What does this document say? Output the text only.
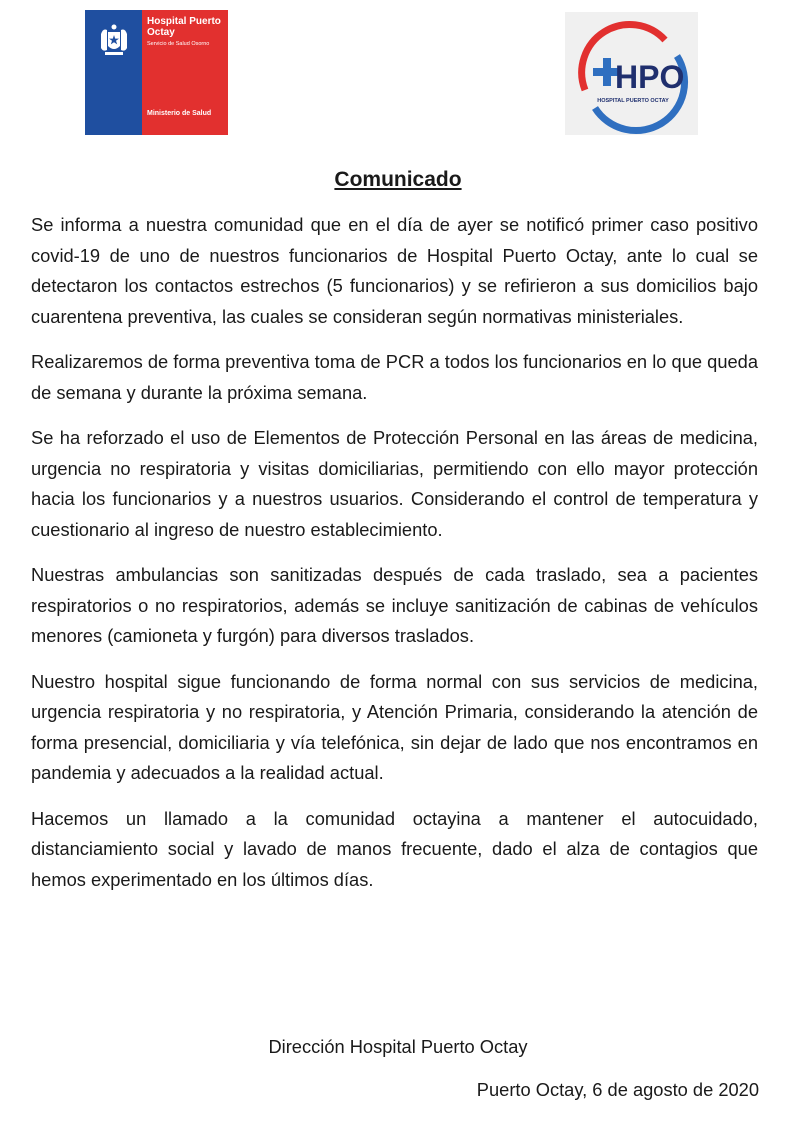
Hospital Puerto Octay
Servicio de Salud Osorno
Ministerio de Salud
HPO
HOSPITAL PUERTO OCTAY
Comunicado

Se informa a nuestra comunidad que en el día de ayer se notificó primer caso positivo covid-19 de uno de nuestros funcionarios de Hospital Puerto Octay, ante lo cual se detectaron los contactos estrechos (5 funcionarios) y se refirieron a sus domicilios bajo cuarentena preventiva, las cuales se consideran según normativas ministeriales.

Realizaremos de forma preventiva toma de PCR a todos los funcionarios en lo que queda de semana y durante la próxima semana.

Se ha reforzado el uso de Elementos de Protección Personal en las áreas de medicina, urgencia no respiratoria y visitas domiciliarias, permitiendo con ello mayor protección hacia los funcionarios y a nuestros usuarios. Considerando el control de temperatura y cuestionario al ingreso de nuestro establecimiento.

Nuestras ambulancias son sanitizadas después de cada traslado, sea a pacientes respiratorios o no respiratorios, además se incluye sanitización de cabinas de vehículos menores (camioneta y furgón) para diversos traslados.

Nuestro hospital sigue funcionando de forma normal con sus servicios de medicina, urgencia respiratoria y no respiratoria, y Atención Primaria, considerando la atención de forma presencial, domiciliaria y vía telefónica, sin dejar de lado que nos encontramos en pandemia y adecuados a la realidad actual.

Hacemos un llamado a la comunidad octayina a mantener el autocuidado, distanciamiento social y lavado de manos frecuente, dado el alza de contagios que hemos experimentado en los últimos días.

Dirección Hospital Puerto Octay
Puerto Octay, 6 de agosto de 2020
